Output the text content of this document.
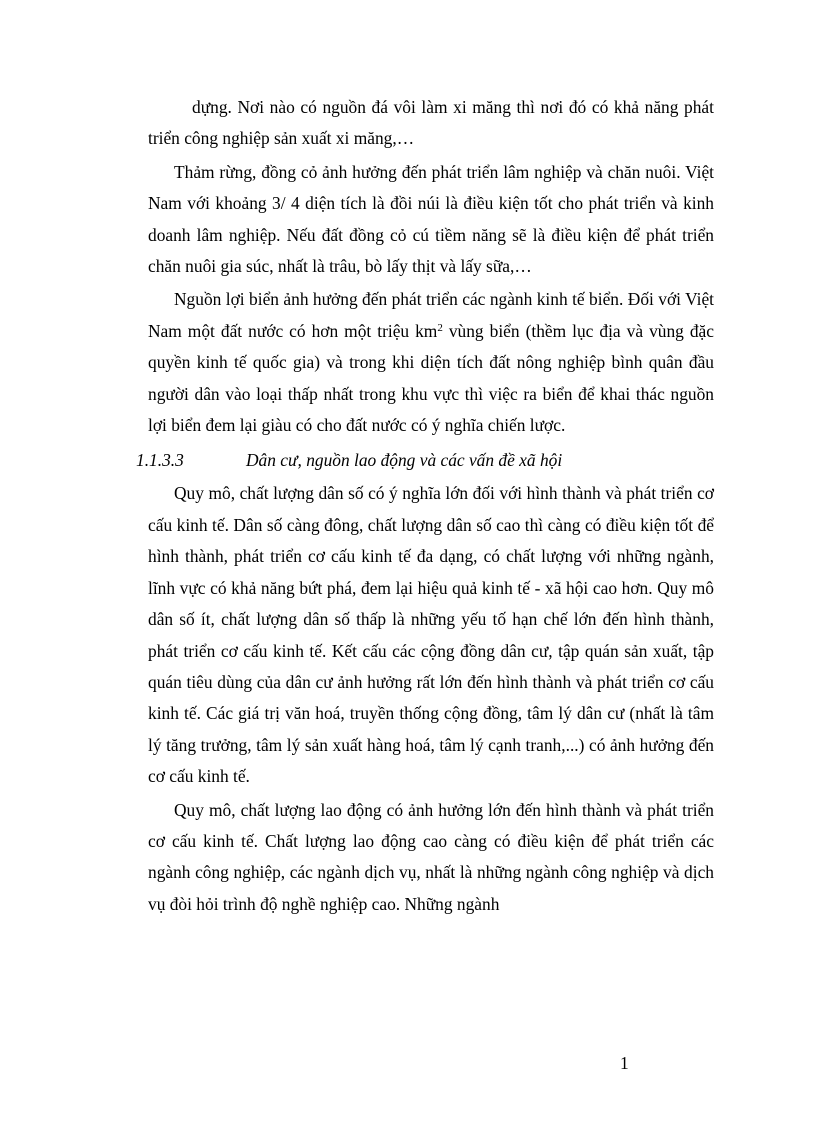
dựng. Nơi nào có nguồn đá vôi làm xi măng thì nơi đó có khả năng phát triển công nghiệp sản xuất xi măng,…

Thảm rừng, đồng cỏ ảnh hưởng đến phát triển lâm nghiệp và chăn nuôi. Việt Nam với khoảng 3/ 4 diện tích là đồi núi là điều kiện tốt cho phát triển và kinh doanh lâm nghiệp. Nếu đất đồng cỏ cú tiềm năng sẽ là điều kiện để phát triển chăn nuôi gia súc, nhất là trâu, bò lấy thịt và lấy sữa,…

Nguồn lợi biển ảnh hưởng đến phát triển các ngành kinh tế biển. Đối với Việt Nam một đất nước có hơn một triệu $km^2$ vùng biển (thềm lục địa và vùng đặc quyền kinh tế quốc gia) và trong khi diện tích đất nông nghiệp bình quân đầu người dân vào loại thấp nhất trong khu vực thì việc ra biển để khai thác nguồn lợi biển đem lại giàu có cho đất nước có ý nghĩa chiến lược.

1.1.3.3	Dân cư, nguồn lao động và các vấn đề xã hội

Quy mô, chất lượng dân số có ý nghĩa lớn đối với hình thành và phát triển cơ cấu kinh tế. Dân số càng đông, chất lượng dân số cao thì càng có điều kiện tốt để hình thành, phát triển cơ cấu kinh tế đa dạng, có chất lượng với những ngành, lĩnh vực có khả năng bứt phá, đem lại hiệu quả kinh tế - xã hội cao hơn. Quy mô dân số ít, chất lượng dân số thấp là những yếu tố hạn chế lớn đến hình thành, phát triển cơ cấu kinh tế. Kết cấu các cộng đồng dân cư, tập quán sản xuất, tập quán tiêu dùng của dân cư ảnh hưởng rất lớn đến hình thành và phát triển cơ cấu kinh tế. Các giá trị văn hoá, truyền thống cộng đồng, tâm lý dân cư (nhất là tâm lý tăng trưởng, tâm lý sản xuất hàng hoá, tâm lý cạnh tranh,...) có ảnh hưởng đến cơ cấu kinh tế.

Quy mô, chất lượng lao động có ảnh hưởng lớn đến hình thành và phát triển cơ cấu kinh tế. Chất lượng lao động cao càng có điều kiện để phát triển các ngành công nghiệp, các ngành dịch vụ, nhất là những ngành công nghiệp và dịch vụ đòi hỏi trình độ nghề nghiệp cao. Những ngành

1
